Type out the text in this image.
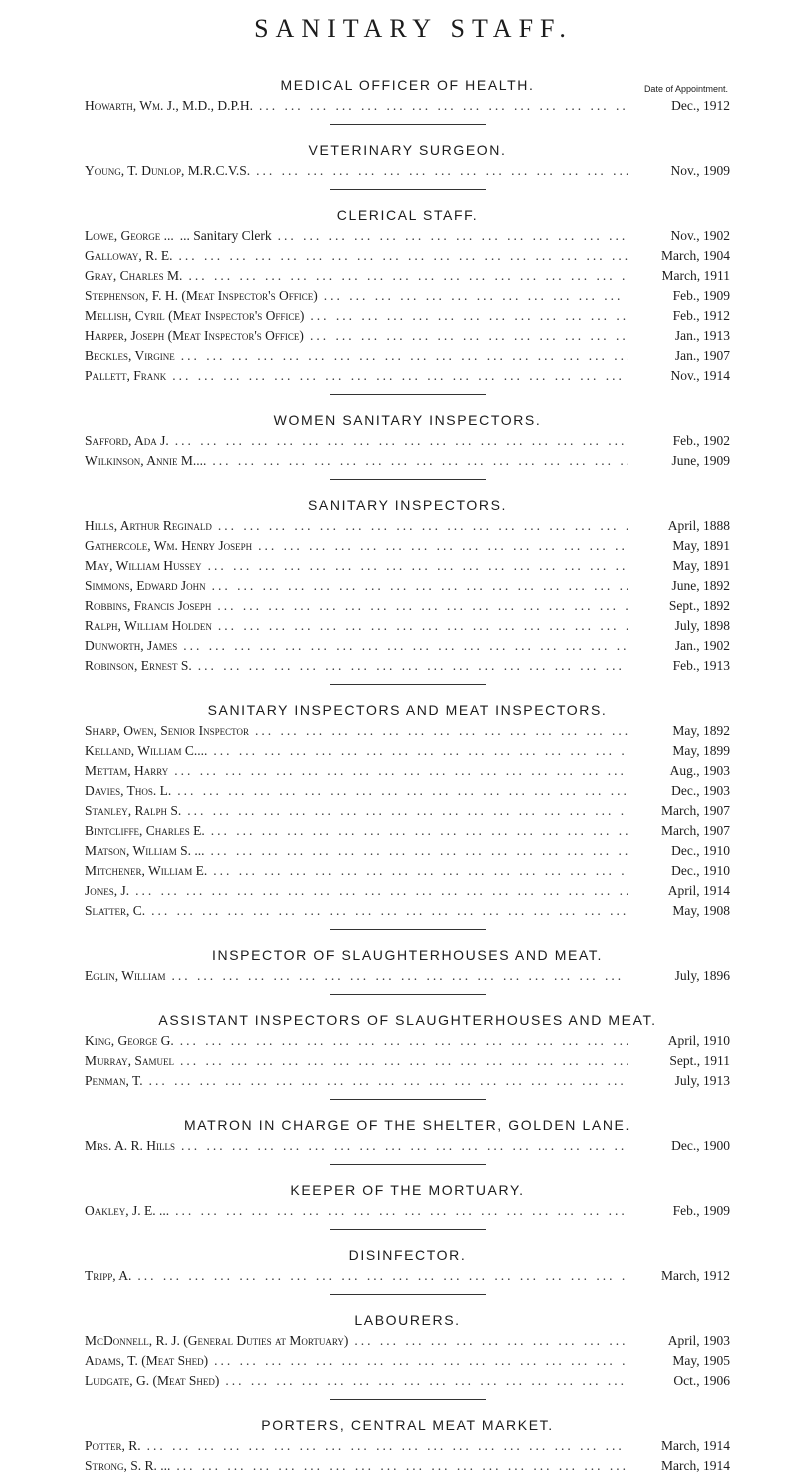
SANITARY STAFF.
MEDICAL OFFICER OF HEALTH.	Date of Appointment.
Howarth, Wm. J., M.D., D.P.H. ... .	Dec., 1912
VETERINARY SURGEON.
Young, T. Dunlop, M.R.C.V.S. ... .	Nov., 1909
CLERICAL STAFF.
Lowe, George ... ... Sanitary Clerk ... .	Nov., 1902
Galloway, R. E. ... .	March, 1904
Gray, Charles M. ... .	March, 1911
Stephenson, F. H. (Meat Inspector's Office) ... .	Feb., 1909
Mellish, Cyril (Meat Inspector's Office) ... .	Feb., 1912
Harper, Joseph (Meat Inspector's Office) ... .	Jan., 1913
Beckles, Virgine ... .	Jan., 1907
Pallett, Frank ... .	Nov., 1914
WOMEN SANITARY INSPECTORS.
Safford, Ada J. ... .	Feb., 1902
Wilkinson, Annie M.... ... .	June, 1909
SANITARY INSPECTORS.
Hills, Arthur Reginald ... .	April, 1888
Gathercole, Wm. Henry Joseph ... .	May, 1891
May, William Hussey ... .	May, 1891
Simmons, Edward John ... .	June, 1892
Robbins, Francis Joseph ... .	Sept., 1892
Ralph, William Holden ... .	July, 1898
Dunworth, James ... .	Jan., 1902
Robinson, Ernest S. ... .	Feb., 1913
SANITARY INSPECTORS AND MEAT INSPECTORS.
Sharp, Owen, Senior Inspector ... .	May, 1892
Kelland, William C.... ... .	May, 1899
Mettam, Harry ... .	Aug., 1903
Davies, Thos. L. ... .	Dec., 1903
Stanley, Ralph S. ... .	March, 1907
Bintcliffe, Charles E. ... .	March, 1907
Matson, William S. ... ... .	Dec., 1910
Mitchener, William E. ... .	Dec., 1910
Jones, J. ... .	April, 1914
Slatter, C. ... .	May, 1908
INSPECTOR OF SLAUGHTERHOUSES AND MEAT.
Eglin, William ... .	July, 1896
ASSISTANT INSPECTORS OF SLAUGHTERHOUSES AND MEAT.
King, George G. ... .	April, 1910
Murray, Samuel ... .	Sept., 1911
Penman, T. ... .	July, 1913
MATRON IN CHARGE OF THE SHELTER, GOLDEN LANE.
Mrs. A. R. Hills ... .	Dec., 1900
KEEPER OF THE MORTUARY.
Oakley, J. E. ... ... .	Feb., 1909
DISINFECTOR.
Tripp, A. ... .	March, 1912
LABOURERS.
McDonnell, R. J. (General Duties at Mortuary) ... .	April, 1903
Adams, T. (Meat Shed) ... .	May, 1905
Ludgate, G. (Meat Shed) ... .	Oct., 1906
PORTERS, CENTRAL MEAT MARKET.
Potter, R. ... .	March, 1914
Strong, S. R. ... ... .	March, 1914
